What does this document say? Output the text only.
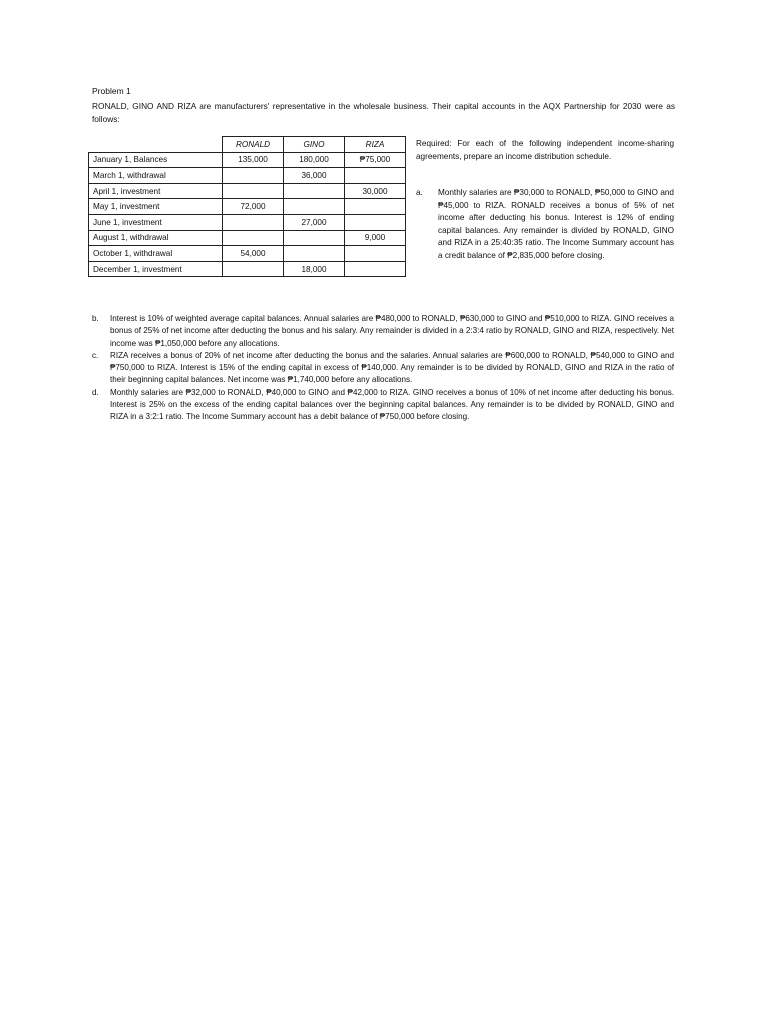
Problem 1
RONALD, GINO AND RIZA are manufacturers' representative in the wholesale business. Their capital accounts in the AQX Partnership for 2030 were as follows:
	RONALD	GINO	RIZA
January 1, Balances	135,000	180,000	₱75,000
March 1, withdrawal		36,000	
April 1, investment			30,000
May 1, investment	72,000		
June 1, investment		27,000	
August 1, withdrawal			9,000
October 1, withdrawal	54,000		
December 1, investment		18,000	
Required: For each of the following independent income-sharing agreements, prepare an income distribution schedule.
a. Monthly salaries are ₱30,000 to RONALD, ₱50,000 to GINO and ₱45,000 to RIZA. RONALD receives a bonus of 5% of net income after deducting his bonus. Interest is 12% of ending capital balances. Any remainder is divided by RONALD, GINO and RIZA in a 25:40:35 ratio. The Income Summary account has a credit balance of ₱2,835,000 before closing.
b.	Interest is 10% of weighted average capital balances. Annual salaries are ₱480,000 to RONALD, ₱630,000 to GINO and ₱510,000 to RIZA. GINO receives a bonus of 25% of net income after deducting the bonus and his salary. Any remainder is divided in a 2:3:4 ratio by RONALD, GINO and RIZA, respectively. Net income was ₱1,050,000 before any allocations.
c.	RIZA receives a bonus of 20% of net income after deducting the bonus and the salaries. Annual salaries are ₱600,000 to RONALD, ₱540,000 to GINO and ₱750,000 to RIZA. Interest is 15% of the ending capital in excess of ₱140,000. Any remainder is to be divided by RONALD, GINO and RIZA in the ratio of their beginning capital balances. Net income was ₱1,740,000 before any allocations.
d.	Monthly salaries are ₱32,000 to RONALD, ₱40,000 to GINO and ₱42,000 to RIZA. GINO receives a bonus of 10% of net income after deducting his bonus. Interest is 25% on the excess of the ending capital balances over the beginning capital balances. Any remainder is to be divided by RONALD, GINO and RIZA in a 3:2:1 ratio. The Income Summary account has a debit balance of ₱750,000 before closing.
